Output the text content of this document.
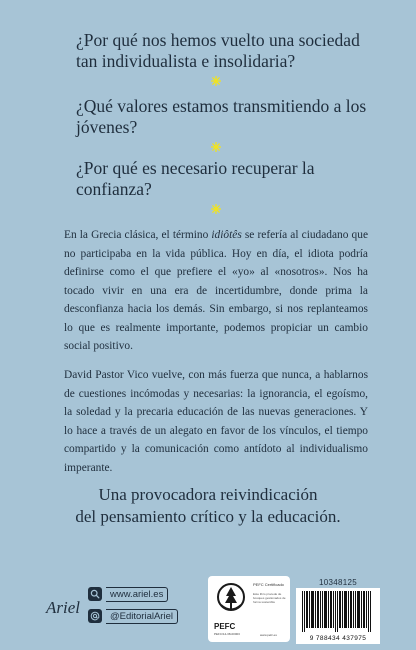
¿Por qué nos hemos vuelto una sociedad tan individualista e insolidaria?
¿Qué valores estamos transmitiendo a los jóvenes?
¿Por qué es necesario recuperar la confianza?
En la Grecia clásica, el término idiôtês se refería al ciudadano que no participaba en la vida pública. Hoy en día, el idiota podría definirse como el que prefiere el «yo» al «nosotros». Nos ha tocado vivir en una era de incertidumbre, donde prima la desconfianza hacia los demás. Sin embargo, si nos replanteamos lo que es realmente importante, podemos propiciar un cambio social positivo.
David Pastor Vico vuelve, con más fuerza que nunca, a hablarnos de cuestiones incómodas y necesarias: la ignorancia, el egoísmo, la soledad y la precaria educación de las nuevas generaciones. Y lo hace a través de un alegato en favor de los vínculos, el tiempo compartido y la comunicación como antídoto al individualismo imperante.
Una provocadora reivindicación
del pensamiento crítico y la educación.
Ariel
www.ariel.es
@EditorialAriel
PEFC Certificado
Este libro procede de bosques gestionados de forma sostenible
PEFC
PEFC/14-38-00003	www.pefc.es
10348125
9 788434 437975
